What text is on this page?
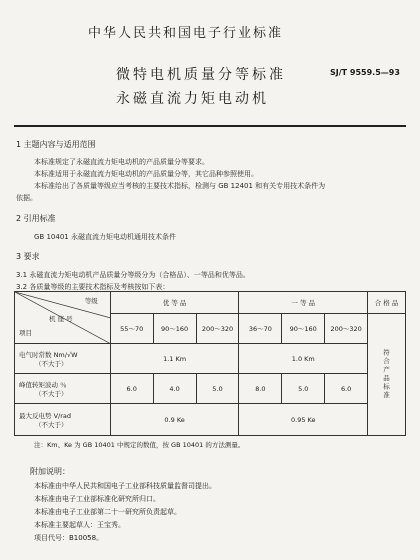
中华人民共和国电子行业标准
微特电机质量分等标准
永磁直流力矩电动机
SJ/T 9559.5—93
1 主题内容与适用范围
本标准规定了永磁直流力矩电动机的产品质量分等要求。
本标准适用于永磁直流力矩电动机的产品质量分等，其它品种参照使用。
本标准给出了各质量等级应当考核的主要技术指标，检测与 GB 12401 和有关专用技术条件为
依据。
2 引用标准
GB 10401 永磁直流力矩电动机通用技术条件
3 要求
3.1 永磁直流力矩电动机产品质量分等级分为（合格品）、一等品和优等品。
3.2 各质量等级的主要技术指标及考核按如下表：
等级
机 座 号
项目	优 等 品			一 等 品			合 格 品
	55～70	90～160	200～320	36～70	90～160	200～320	符合产品标准

电气时常数 Nm/√W
（不大于）	1.1 Km			1.0 Km			

峰值转矩波动 ％
（不大于）	6.0	4.0	5.0	8.0	5.0	6.0	

最大反电势 V/rad
（不大于）	0.9 Ke			0.95 Ke			
注：Km、Ke 为 GB 10401 中规定的数值，按 GB 10401 的方法测量。
附加说明：
本标准由中华人民共和国电子工业部科技质量监督司提出。
本标准由电子工业部标准化研究所归口。
本标准由电子工业部第二十一研究所负责起草。
本标准主要起草人：王宝秀。
项目代号：B10058。
